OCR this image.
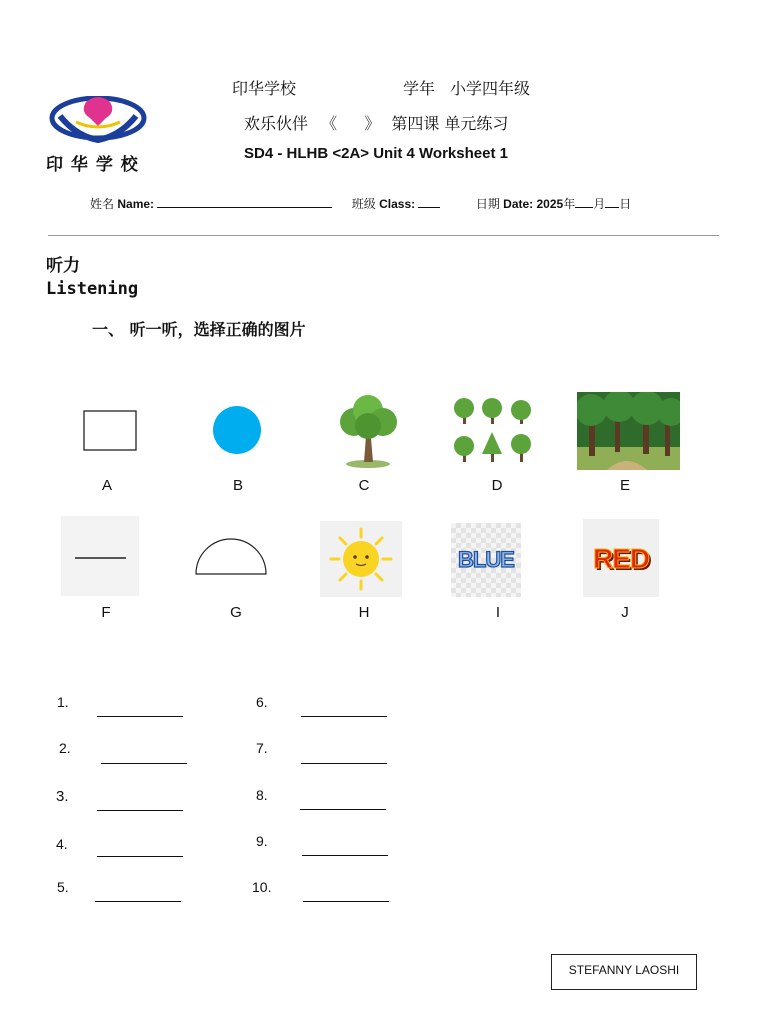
印 华 学 校
印华学校	学年 小学四年级
欢乐伙伴 《 》 第四课 单元练习
SD4 - HLHB <2A> Unit 4 Worksheet 1
姓名 Name:	班级 Class:	日期 Date: 2025年 月 日
听力
Listening
一、 听一听，选择正确的图片
A	B	C	D	E
BLUE	RED
F	G	H	I	J
1.
2.
3.
4.
5.
6.
7.
8.
9.
10.
STEFANNY LAOSHI
